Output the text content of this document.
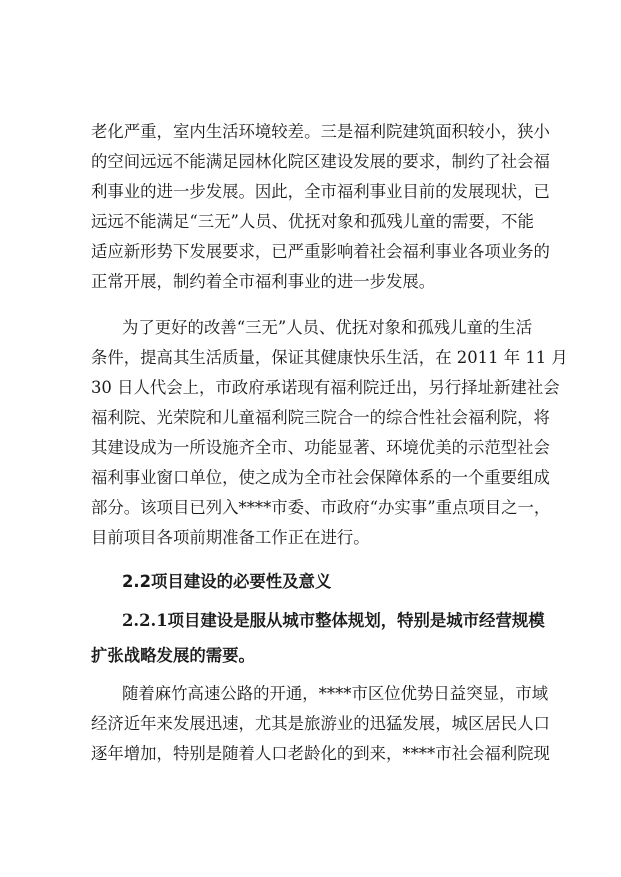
老化严重，室内生活环境较差。三是福利院建筑面积较小，狭小
的空间远远不能满足园林化院区建设发展的要求，制约了社会福
利事业的进一步发展。因此，全市福利事业目前的发展现状，已
远远不能满足“三无”人员、优抚对象和孤残儿童的需要，不能
适应新形势下发展要求，已严重影响着社会福利事业各项业务的
正常开展，制约着全市福利事业的进一步发展。
为了更好的改善“三无”人员、优抚对象和孤残儿童的生活
条件，提高其生活质量，保证其健康快乐生活，在 2011 年 11 月
30 日人代会上，市政府承诺现有福利院迁出，另行择址新建社会
福利院、光荣院和儿童福利院三院合一的综合性社会福利院，将
其建设成为一所设施齐全市、功能显著、环境优美的示范型社会
福利事业窗口单位，使之成为全市社会保障体系的一个重要组成
部分。该项目已列入****市委、市政府“办实事”重点项目之一，
目前项目各项前期准备工作正在进行。
2.2项目建设的必要性及意义
2.2.1项目建设是服从城市整体规划，特别是城市经营规模
扩张战略发展的需要。
随着麻竹高速公路的开通，****市区位优势日益突显，市域
经济近年来发展迅速，尤其是旅游业的迅猛发展，城区居民人口
逐年增加，特别是随着人口老龄化的到来，****市社会福利院现
